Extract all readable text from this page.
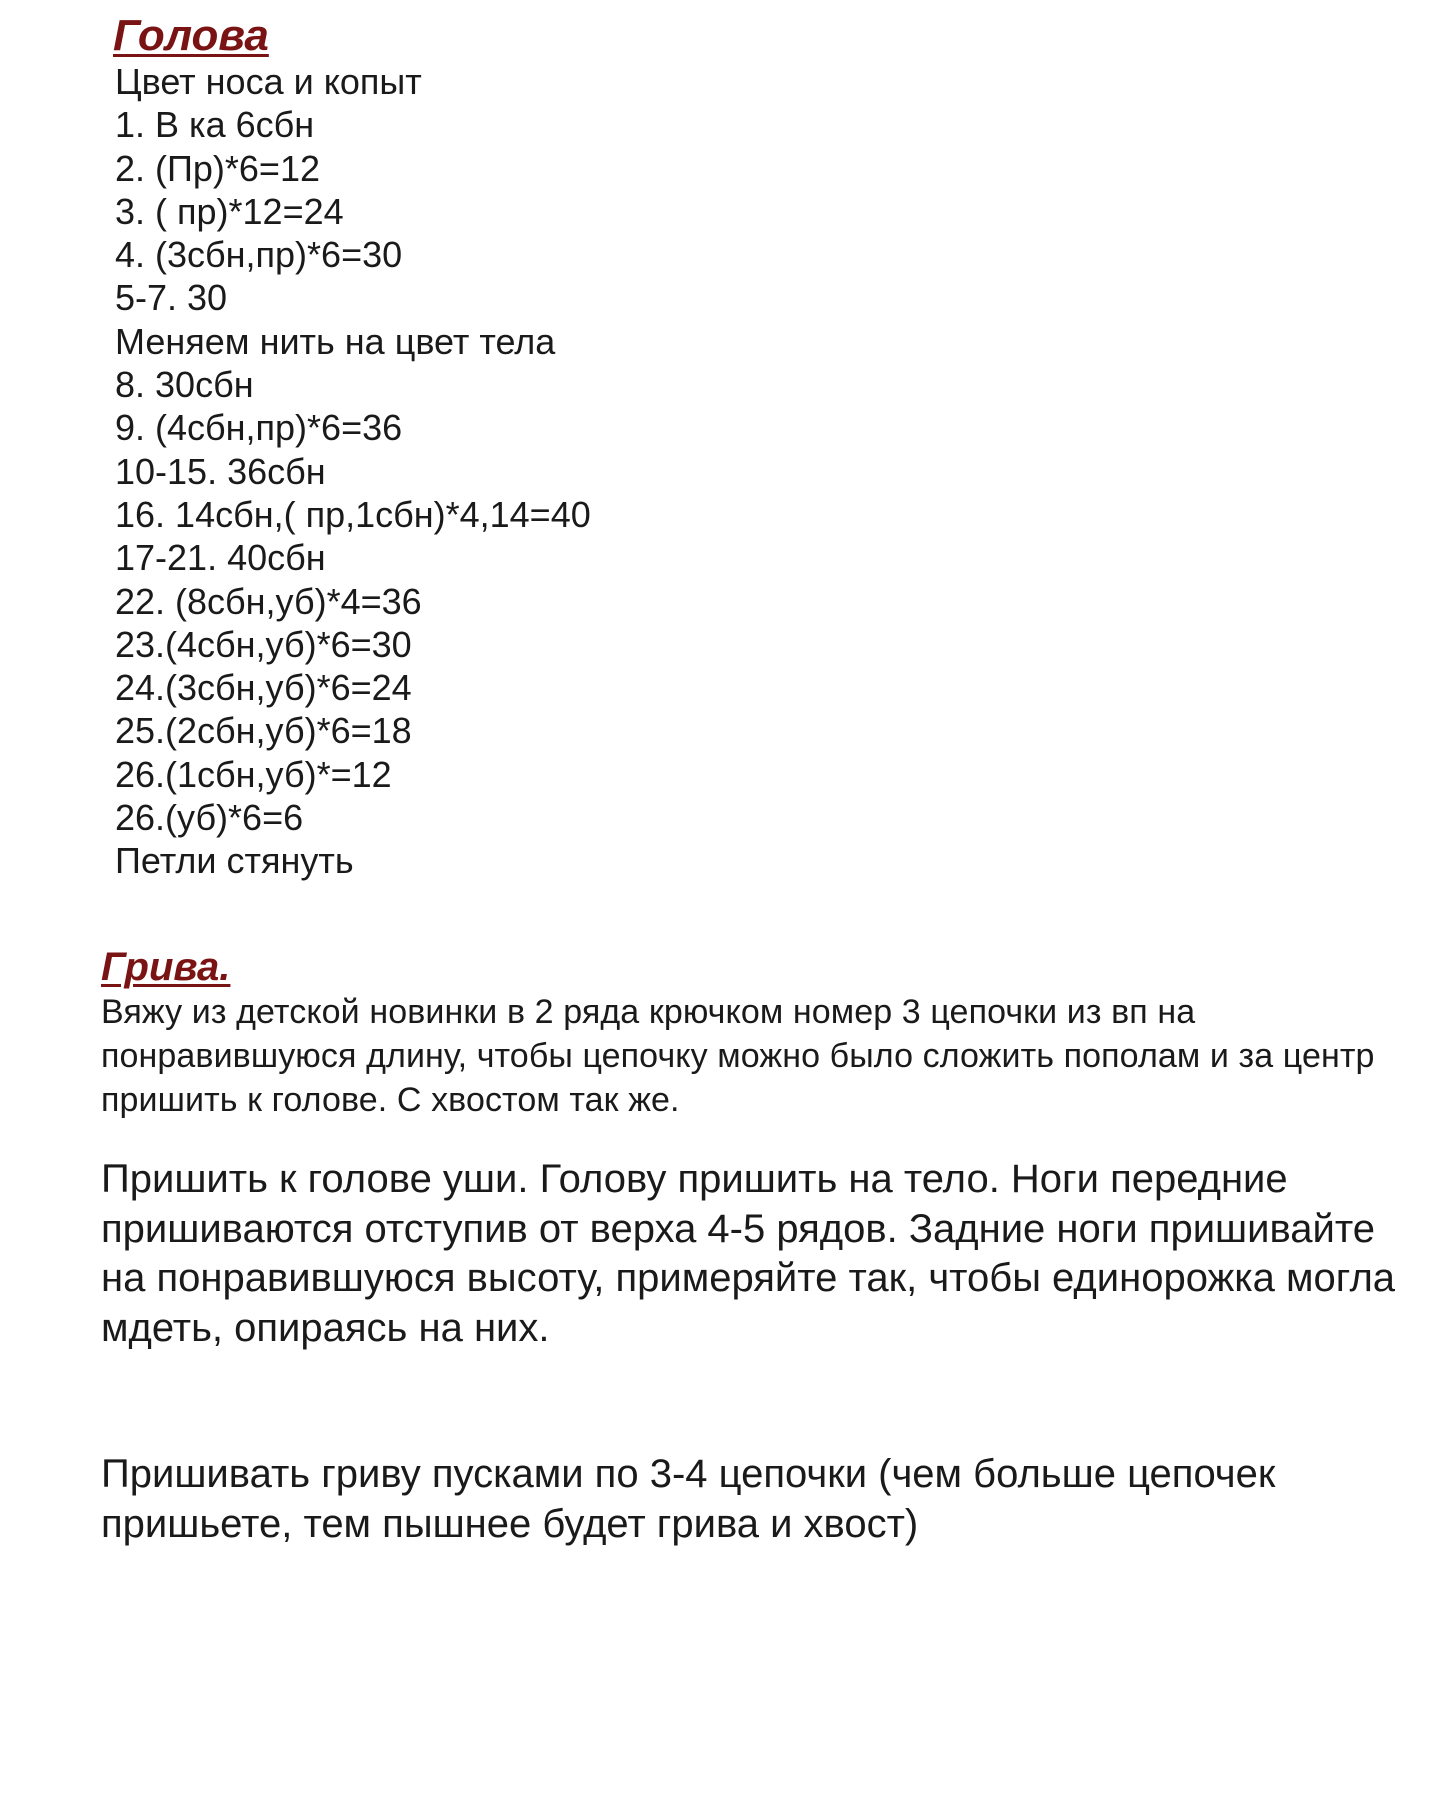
Голова
Цвет носа и копыт
1. В ка 6сбн
2. (Пр)*6=12
3. ( пр)*12=24
4. (3сбн,пр)*6=30
5-7. 30
Меняем нить на цвет тела
8. 30сбн
9. (4сбн,пр)*6=36
10-15. 36сбн
16. 14сбн,( пр,1сбн)*4,14=40
17-21. 40сбн
22. (8сбн,уб)*4=36
23.(4сбн,уб)*6=30
24.(3сбн,уб)*6=24
25.(2сбн,уб)*6=18
26.(1сбн,уб)*=12
26.(уб)*6=6
Петли стянуть
Грива.

Вяжу из детской новинки в 2 ряда крючком номер 3 цепочки из вп на понравившуюся длину, чтобы цепочку можно было сложить пополам и за центр пришить к голове. С хвостом так же.

Пришить к голове уши. Голову пришить на тело. Ноги передние пришиваются отступив от верха 4-5 рядов. Задние ноги пришивайте на понравившуюся высоту, примеряйте так, чтобы единорожка могла мдеть, опираясь на них.

Пришивать гриву пусками по 3-4 цепочки (чем больше цепочек пришьете, тем пышнее будет грива и хвост)
